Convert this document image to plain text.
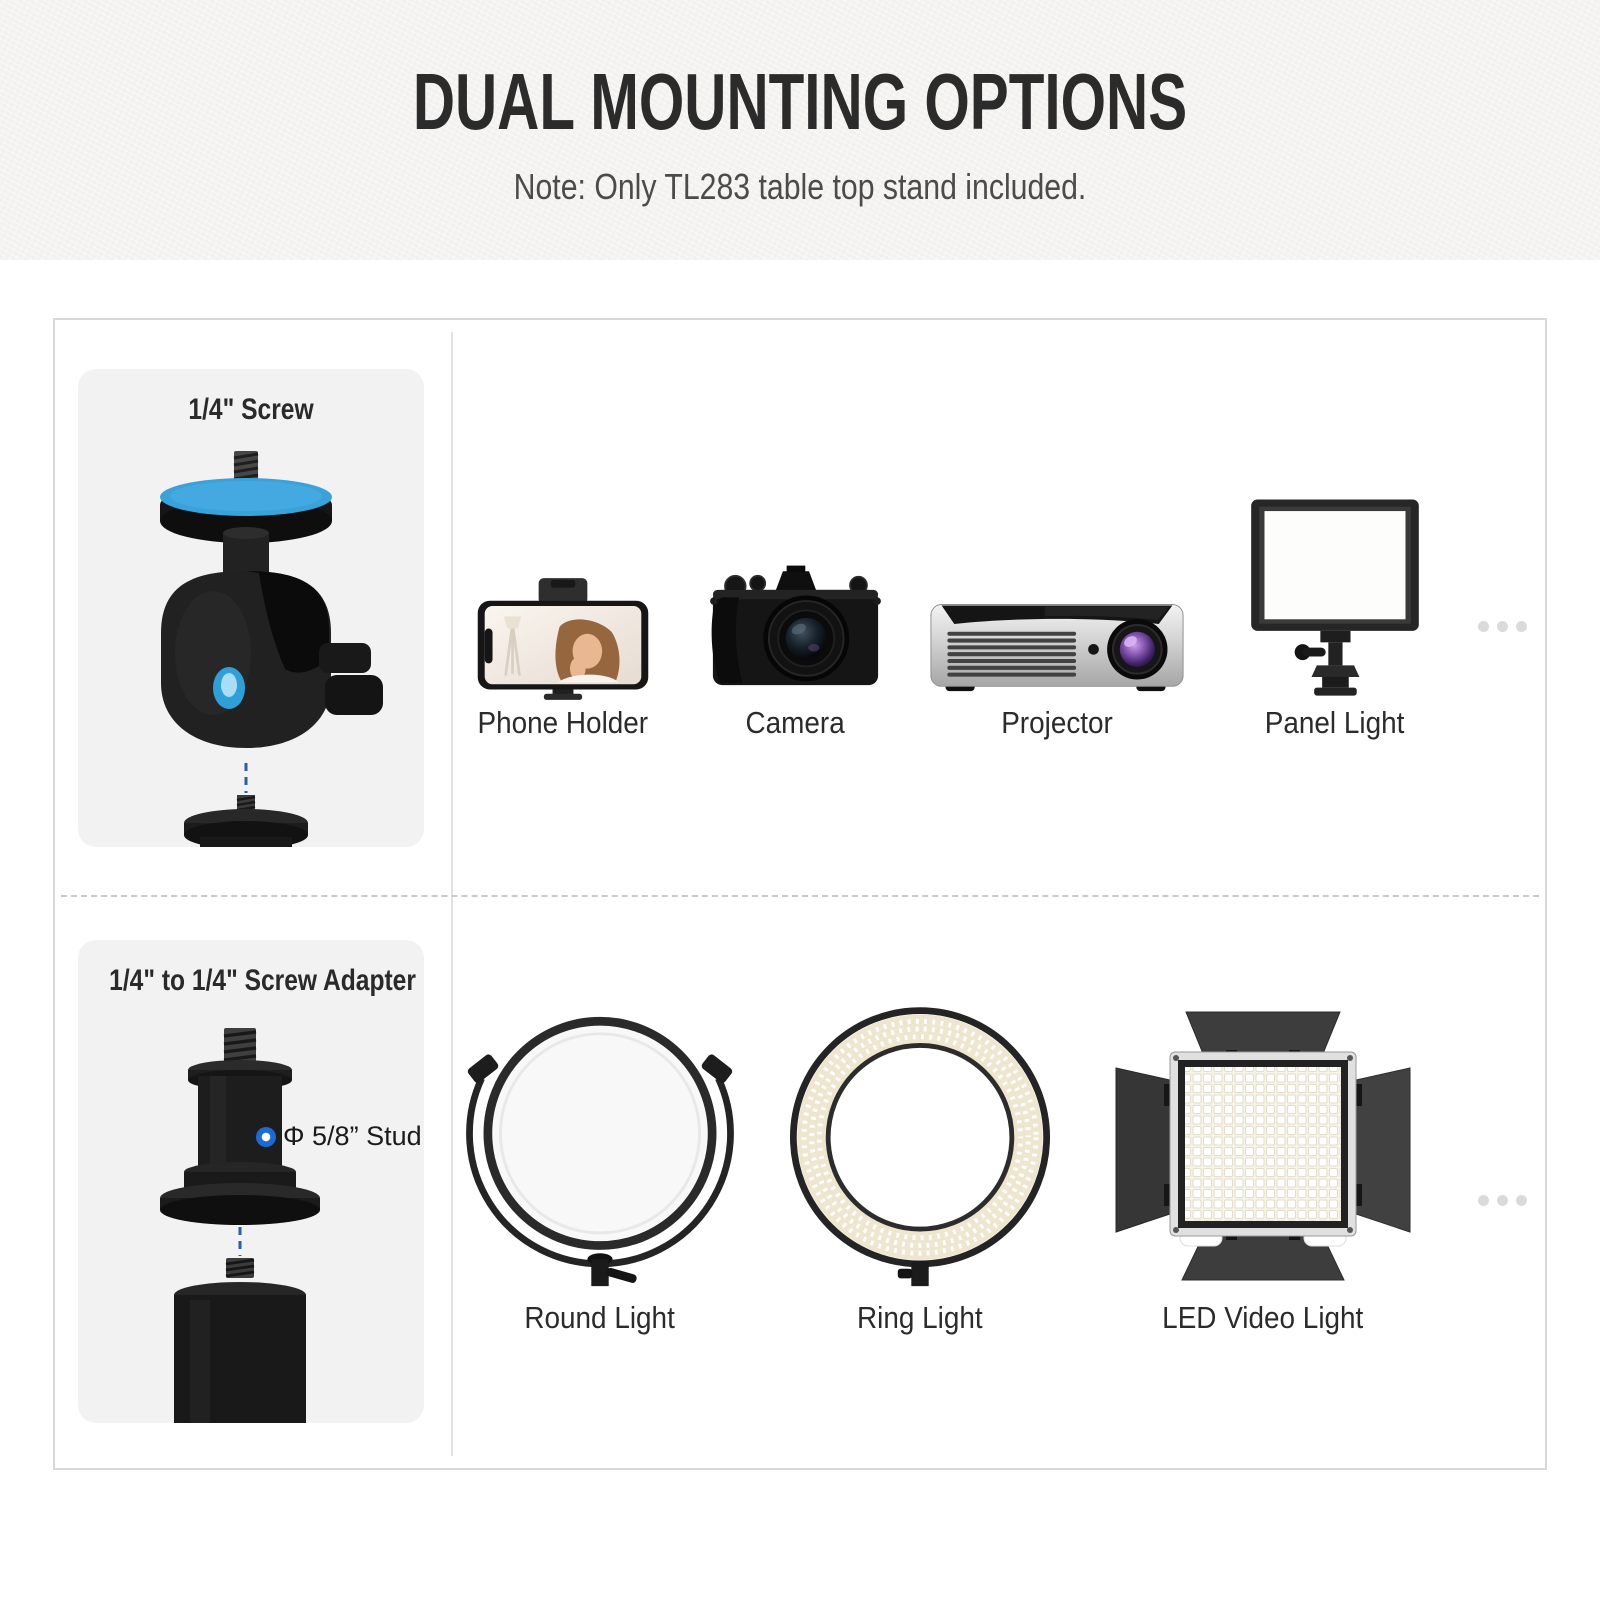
DUAL MOUNTING OPTIONS
Note: Only TL283 table top stand included.
1/4" Screw
1/4" to 1/4" Screw Adapter
Φ 5/8” Stud
Phone Holder	Camera	Projector	Panel Light
Round Light	Ring Light	LED Video Light
